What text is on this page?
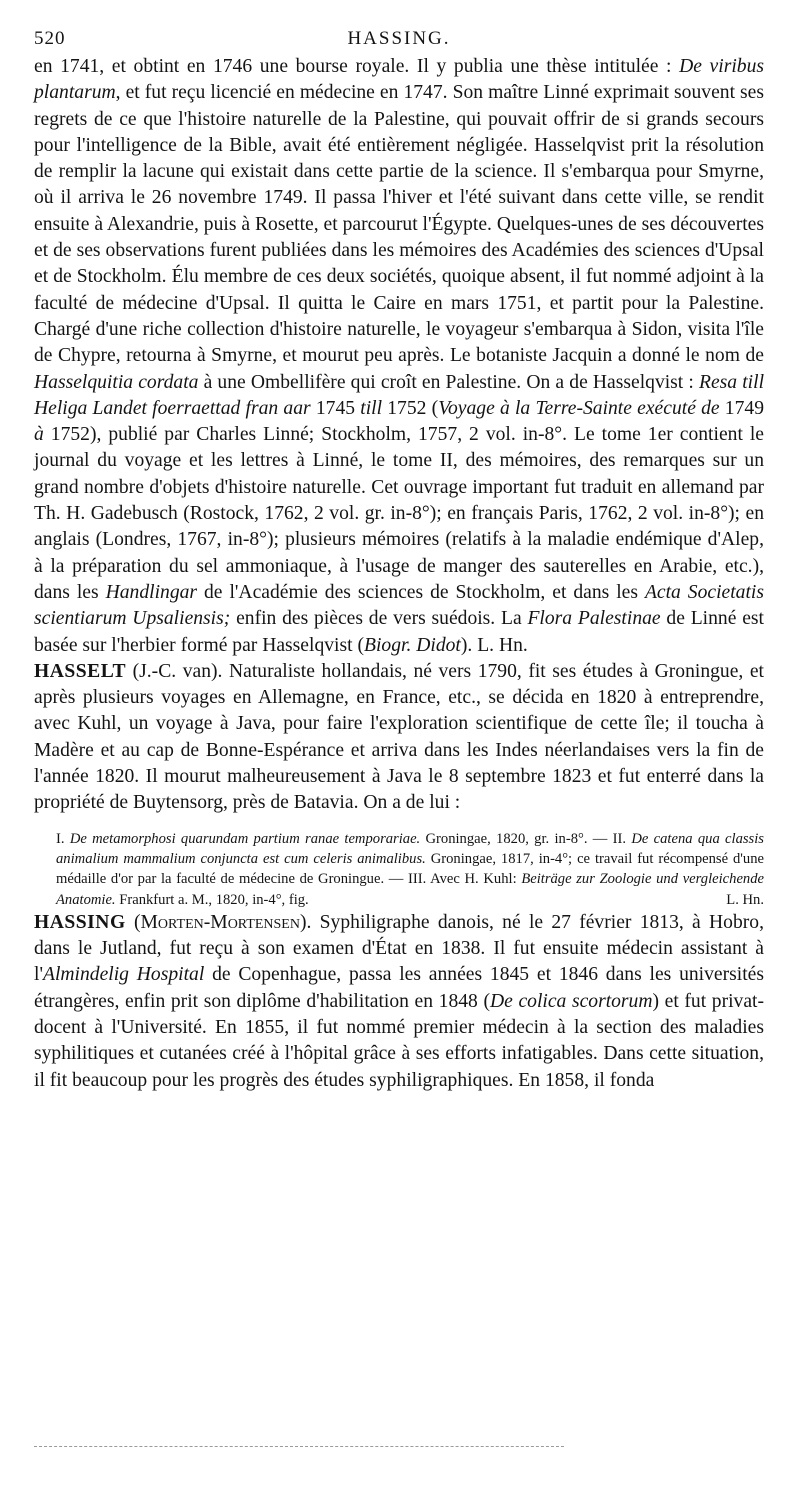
520	HASSING.

en 1741, et obtint en 1746 une bourse royale. Il y publia une thèse intitulée : De viribus plantarum, et fut reçu licencié en médecine en 1747. Son maître Linné exprimait souvent ses regrets de ce que l'histoire naturelle de la Palestine, qui pouvait offrir de si grands secours pour l'intelligence de la Bible, avait été entièrement négligée. Hasselqvist prit la résolution de remplir la lacune qui existait dans cette partie de la science. Il s'embarqua pour Smyrne, où il arriva le 26 novembre 1749. Il passa l'hiver et l'été suivant dans cette ville, se rendit ensuite à Alexandrie, puis à Rosette, et parcourut l'Égypte. Quelques-unes de ses découvertes et de ses observations furent publiées dans les mémoires des Académies des sciences d'Upsal et de Stockholm. Élu membre de ces deux sociétés, quoique absent, il fut nommé adjoint à la faculté de médecine d'Upsal. Il quitta le Caire en mars 1751, et partit pour la Palestine. Chargé d'une riche collection d'histoire naturelle, le voyageur s'embarqua à Sidon, visita l'île de Chypre, retourna à Smyrne, et mourut peu après. Le botaniste Jacquin a donné le nom de Hasselquitia cordata à une Ombellifère qui croît en Palestine. On a de Hasselqvist : Resa till Heliga Landet foerraettad fran aar 1745 till 1752 (Voyage à la Terre-Sainte exécuté de 1749 à 1752), publié par Charles Linné; Stockholm, 1757, 2 vol. in-8°. Le tome 1er contient le journal du voyage et les lettres à Linné, le tome II, des mémoires, des remarques sur un grand nombre d'objets d'histoire naturelle. Cet ouvrage important fut traduit en allemand par Th. H. Gadebusch (Rostock, 1762, 2 vol. gr. in-8°); en français Paris, 1762, 2 vol. in-8°); en anglais (Londres, 1767, in-8°); plusieurs mémoires (relatifs à la maladie endémique d'Alep, à la préparation du sel ammoniaque, à l'usage de manger des sauterelles en Arabie, etc.), dans les Handlingar de l'Académie des sciences de Stockholm, et dans les Acta Societatis scientiarum Upsaliensis; enfin des pièces de vers suédois. La Flora Palestinae de Linné est basée sur l'herbier formé par Hasselqvist (Biogr. Didot). L. Hn.

HASSELT (J.-C. van). Naturaliste hollandais, né vers 1790, fit ses études à Groningue, et après plusieurs voyages en Allemagne, en France, etc., se décida en 1820 à entreprendre, avec Kuhl, un voyage à Java, pour faire l'exploration scientifique de cette île; il toucha à Madère et au cap de Bonne-Espérance et arriva dans les Indes néerlandaises vers la fin de l'année 1820. Il mourut malheureusement à Java le 8 septembre 1823 et fut enterré dans la propriété de Buytensorg, près de Batavia. On a de lui :

I. De metamorphosi quarundam partium ranae temporariae. Groningae, 1820, gr. in-8°. — II. De catena qua classis animalium mammalium conjuncta est cum celeris animalibus. Groningae, 1817, in-4°; ce travail fut récompensé d'une médaille d'or par la faculté de médecine de Groningue. — III. Avec H. Kuhl: Beiträge zur Zoologie und vergleichende Anatomie. Frankfurt a. M., 1820, in-4°, fig.	L. Hn.

HASSING (Morten-Mortensen). Syphiligraphe danois, né le 27 février 1813, à Hobro, dans le Jutland, fut reçu à son examen d'État en 1838. Il fut ensuite médecin assistant à l'Almindelig Hospital de Copenhague, passa les années 1845 et 1846 dans les universités étrangères, enfin prit son diplôme d'habilitation en 1848 (De colica scortorum) et fut privat-docent à l'Université. En 1855, il fut nommé premier médecin à la section des maladies syphilitiques et cutanées créé à l'hôpital grâce à ses efforts infatigables. Dans cette situation, il fit beaucoup pour les progrès des études syphiligraphiques. En 1858, il fonda
